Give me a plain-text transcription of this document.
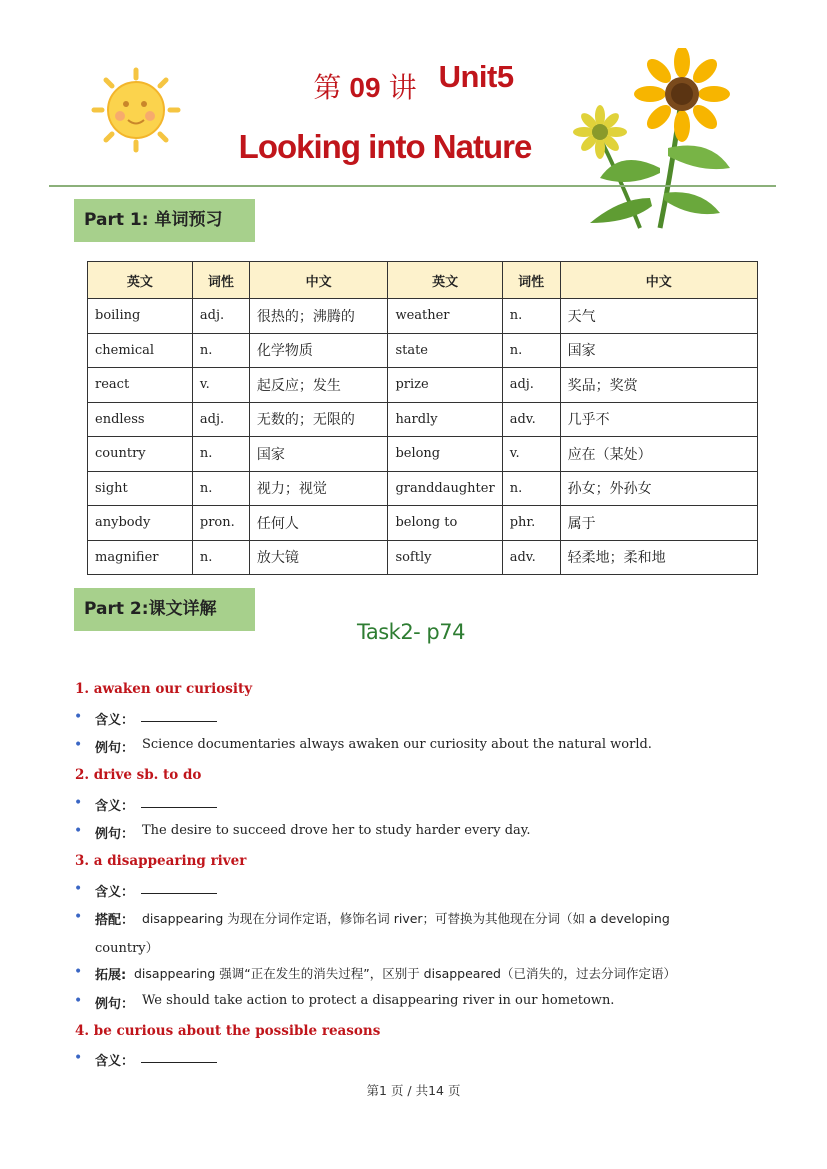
第 09 讲 Unit5
Looking into Nature
Part 1: 单词预习
英文	词性	中文	英文	词性	中文
boiling	adj.	很热的；沸腾的	weather	n.	天气
chemical	n.	化学物质	state	n.	国家
react	v.	起反应；发生	prize	adj.	奖品；奖赏
endless	adj.	无数的；无限的	hardly	adv.	几乎不
country	n.	国家	belong	v.	应在（某处）
sight	n.	视力；视觉	granddaughter	n.	孙女；外孙女
anybody	pron.	任何人	belong to	phr.	属于
magnifier	n.	放大镜	softly	adv.	轻柔地；柔和地
Part 2:课文详解
Task2- p74
1. awaken our curiosity
• 含义：
• 例句： Science documentaries always awaken our curiosity about the natural world.
2. drive sb. to do
• 含义：
• 例句： The desire to succeed drove her to study harder every day.
3. a disappearing river
• 含义：
• 搭配： disappearing 为现在分词作定语，修饰名词 river；可替换为其他现在分词（如 a developing
country）
• 拓展: disappearing 强调“正在发生的消失过程”，区别于 disappeared（已消失的，过去分词作定语）
• 例句： We should take action to protect a disappearing river in our hometown.
4. be curious about the possible reasons
• 含义：
第1 页 / 共14 页
